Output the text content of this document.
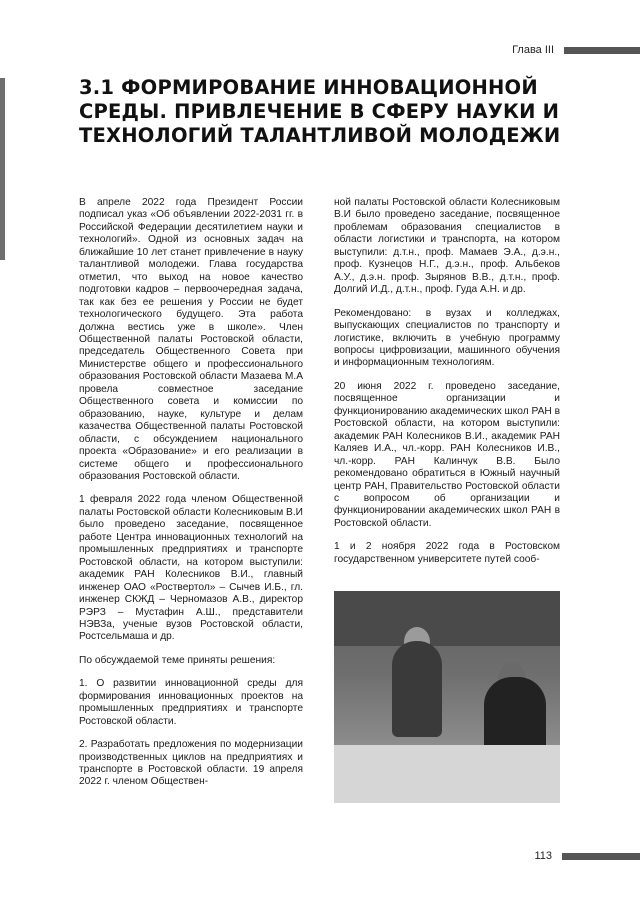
Глава III
3.1 ФОРМИРОВАНИЕ ИННОВАЦИОННОЙ СРЕДЫ. ПРИВЛЕЧЕНИЕ В СФЕРУ НАУКИ И ТЕХНОЛОГИЙ ТАЛАНТЛИВОЙ МОЛОДЕЖИ

В апреле 2022 года Президент России подписал указ «Об объявлении 2022-2031 гг. в Российской Федерации десятилетием науки и технологий». Одной из основных задач на ближайшие 10 лет станет привлечение в науку талантливой молодежи. Глава государства отметил, что выход на новое качество подготовки кадров – первоочередная задача, так как без ее решения у России не будет технологического будущего. Эта работа должна вестись уже в школе». Член Общественной палаты Ростовской области, председатель Общественного Совета при Министерстве общего и профессионального образования Ростовской области Мазаева М.А провела совместное заседание Общественного совета и комиссии по образованию, науке, культуре и делам казачества Общественной палаты Ростовской области, с обсуждением национального проекта «Образование» и его реализации в системе общего и профессионального образования Ростовской области.

1 февраля 2022 года членом Общественной палаты Ростовской области Колесниковым В.И было проведено заседание, посвященное работе Центра инновационных технологий на промышленных предприятиях и транспорте Ростовской области, на котором выступили: академик РАН Колесников В.И., главный инженер ОАО «Роствертол» – Сычев И.Б., гл. инженер СКЖД – Черномазов А.В., директор РЭРЗ – Мустафин А.Ш., представители НЭВЗа, ученые вузов Ростовской области, Ростсельмаша и др.

По обсуждаемой теме приняты решения:

1. О развитии инновационной среды для формирования инновационных проектов на промышленных предприятиях и транспорте Ростовской области.

2. Разработать предложения по модернизации производственных циклов на предприятиях и транспорте в Ростовской области. 19 апреля 2022 г. членом Обществен-

ной палаты Ростовской области Колесниковым В.И было проведено заседание, посвященное проблемам образования специалистов в области логистики и транспорта, на котором выступили: д.т.н., проф. Мамаев Э.А., д.э.н., проф. Кузнецов Н.Г., д.э.н., проф. Альбеков А.У., д.э.н. проф. Зырянов В.В., д.т.н., проф. Долгий И.Д., д.т.н., проф. Гуда А.Н. и др.

Рекомендовано: в вузах и колледжах, выпускающих специалистов по транспорту и логистике, включить в учебную программу вопросы цифровизации, машинного обучения и информационным технологиям.

20 июня 2022 г. проведено заседание, посвященное организации и функционированию академических школ РАН в Ростовской области, на котором выступили: академик РАН Колесников В.И., академик РАН Каляев И.А., чл.-корр. РАН Колесников И.В., чл.-корр. РАН Калинчук В.В. Было рекомендовано обратиться в Южный научный центр РАН, Правительство Ростовской области с вопросом об организации и функционировании академических школ РАН в Ростовской области.

1 и 2 ноября 2022 года в Ростовском государственном университете путей сооб-

113
